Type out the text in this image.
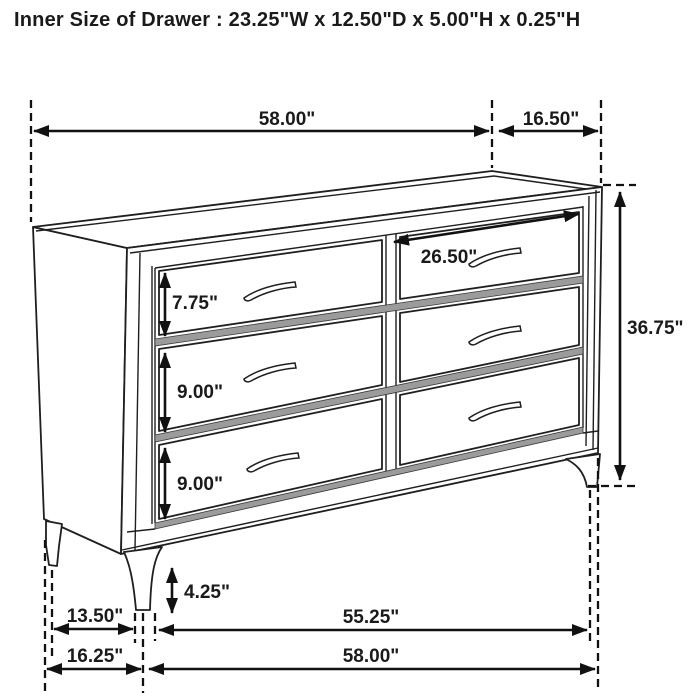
Inner Size of Drawer : 23.25"W x 12.50"D x 5.00"H x 0.25"H
58.00"	16.50"
36.75"
26.50"
7.75"
9.00"
9.00"
4.25"
13.50"
16.25"
55.25"
58.00"
